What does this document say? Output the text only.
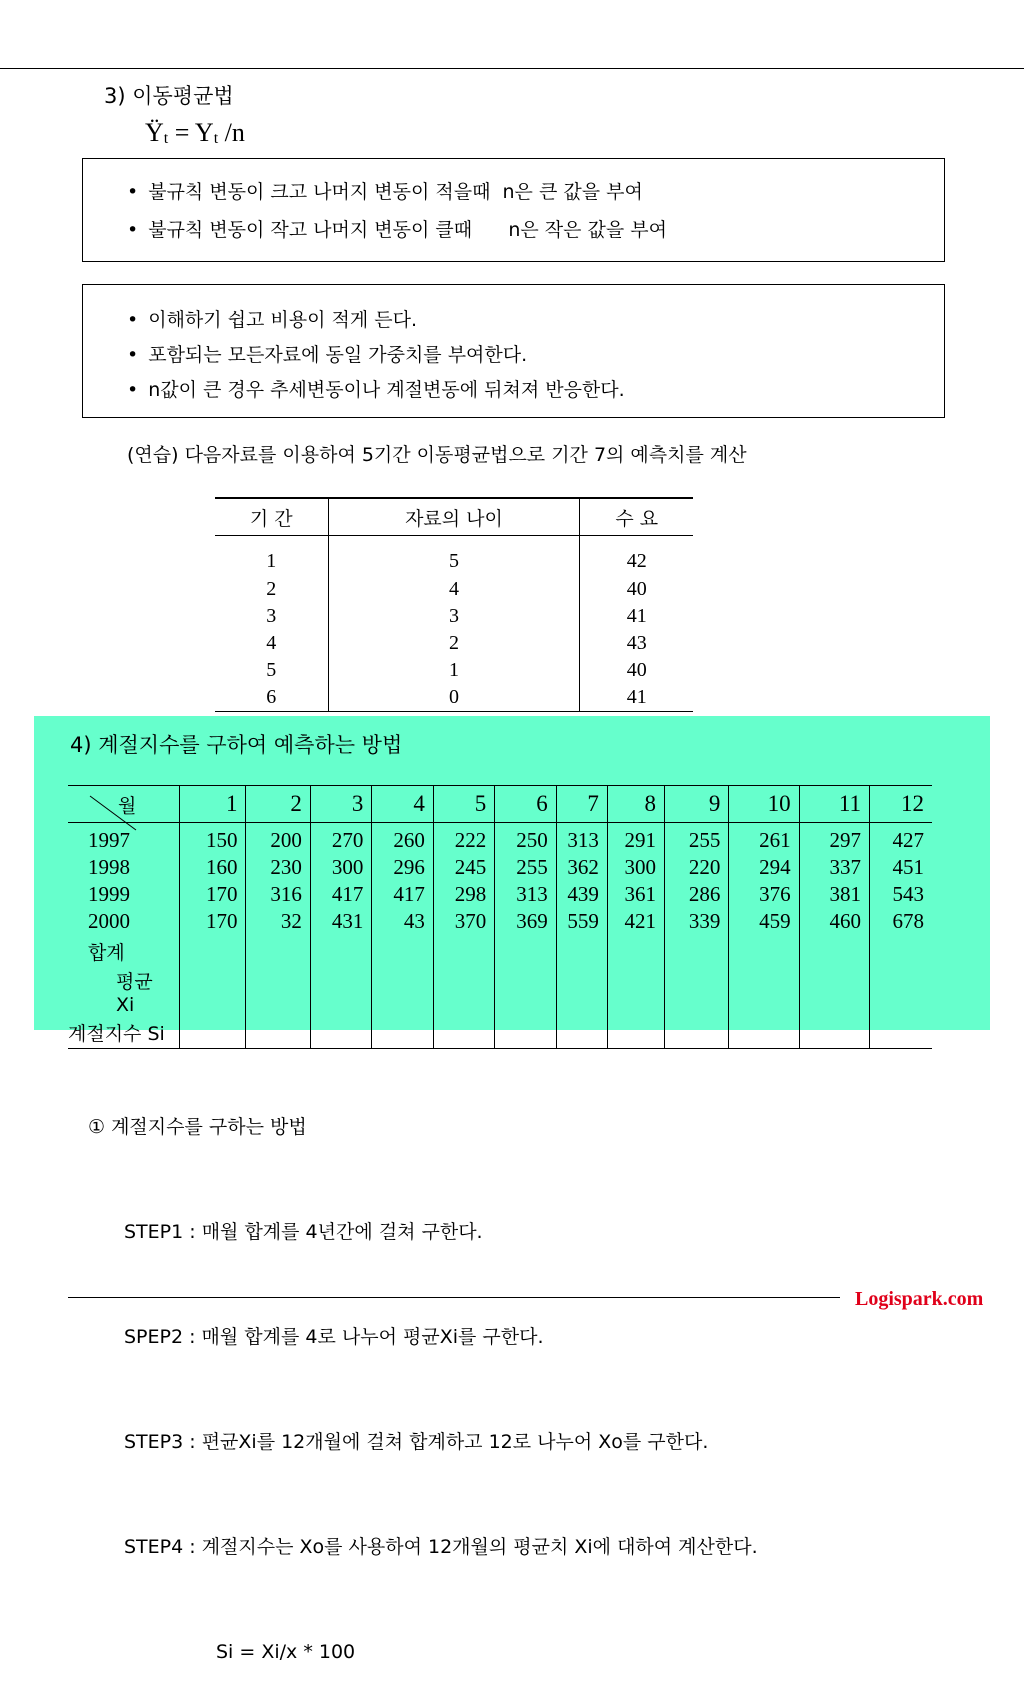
3) 이동평균법
$Ÿ_t = Y_t$ /n
• 불규칙 변동이 크고 나머지 변동이 적을때  n은 큰 값을 부여
• 불규칙 변동이 작고 나머지 변동이 클때      n은 작은 값을 부여
• 이해하기 쉽고 비용이 적게 든다.
• 포함되는 모든자료에 동일 가중치를 부여한다.
• n값이 큰 경우 추세변동이나 계절변동에 뒤쳐져 반응한다.
(연습) 다음자료를 이용하여 5기간 이동평균법으로 기간 7의 예측치를 계산
기 간	자료의 나이	수 요
1	5	42
2	4	40
3	3	41
4	2	43
5	1	40
6	0	41
4) 계절지수를 구하여 예측하는 방법
월	1	2	3	4	5	6	7	8	9	10	11	12
1997	150	200	270	260	222	250	313	291	255	261	297	427
1998	160	230	300	296	245	255	362	300	220	294	337	451
1999	170	316	417	417	298	313	439	361	286	376	381	543
2000	170	32	431	43	370	369	559	421	339	459	460	678
합계												
평균Xi												
계절지수 Si												

① 계절지수를 구하는 방법

STEP1 : 매월 합계를 4년간에 걸쳐 구한다.

SPEP2 : 매월 합계를 4로 나누어 평균Xi를 구한다.

STEP3 : 편균Xi를 12개월에 걸쳐 합계하고 12로 나누어 Xo를 구한다.

STEP4 : 계절지수는 Xo를 사용하여 12개월의 평균치 Xi에 대하여 계산한다.

Si = Xi/x * 100

Logispark.com
